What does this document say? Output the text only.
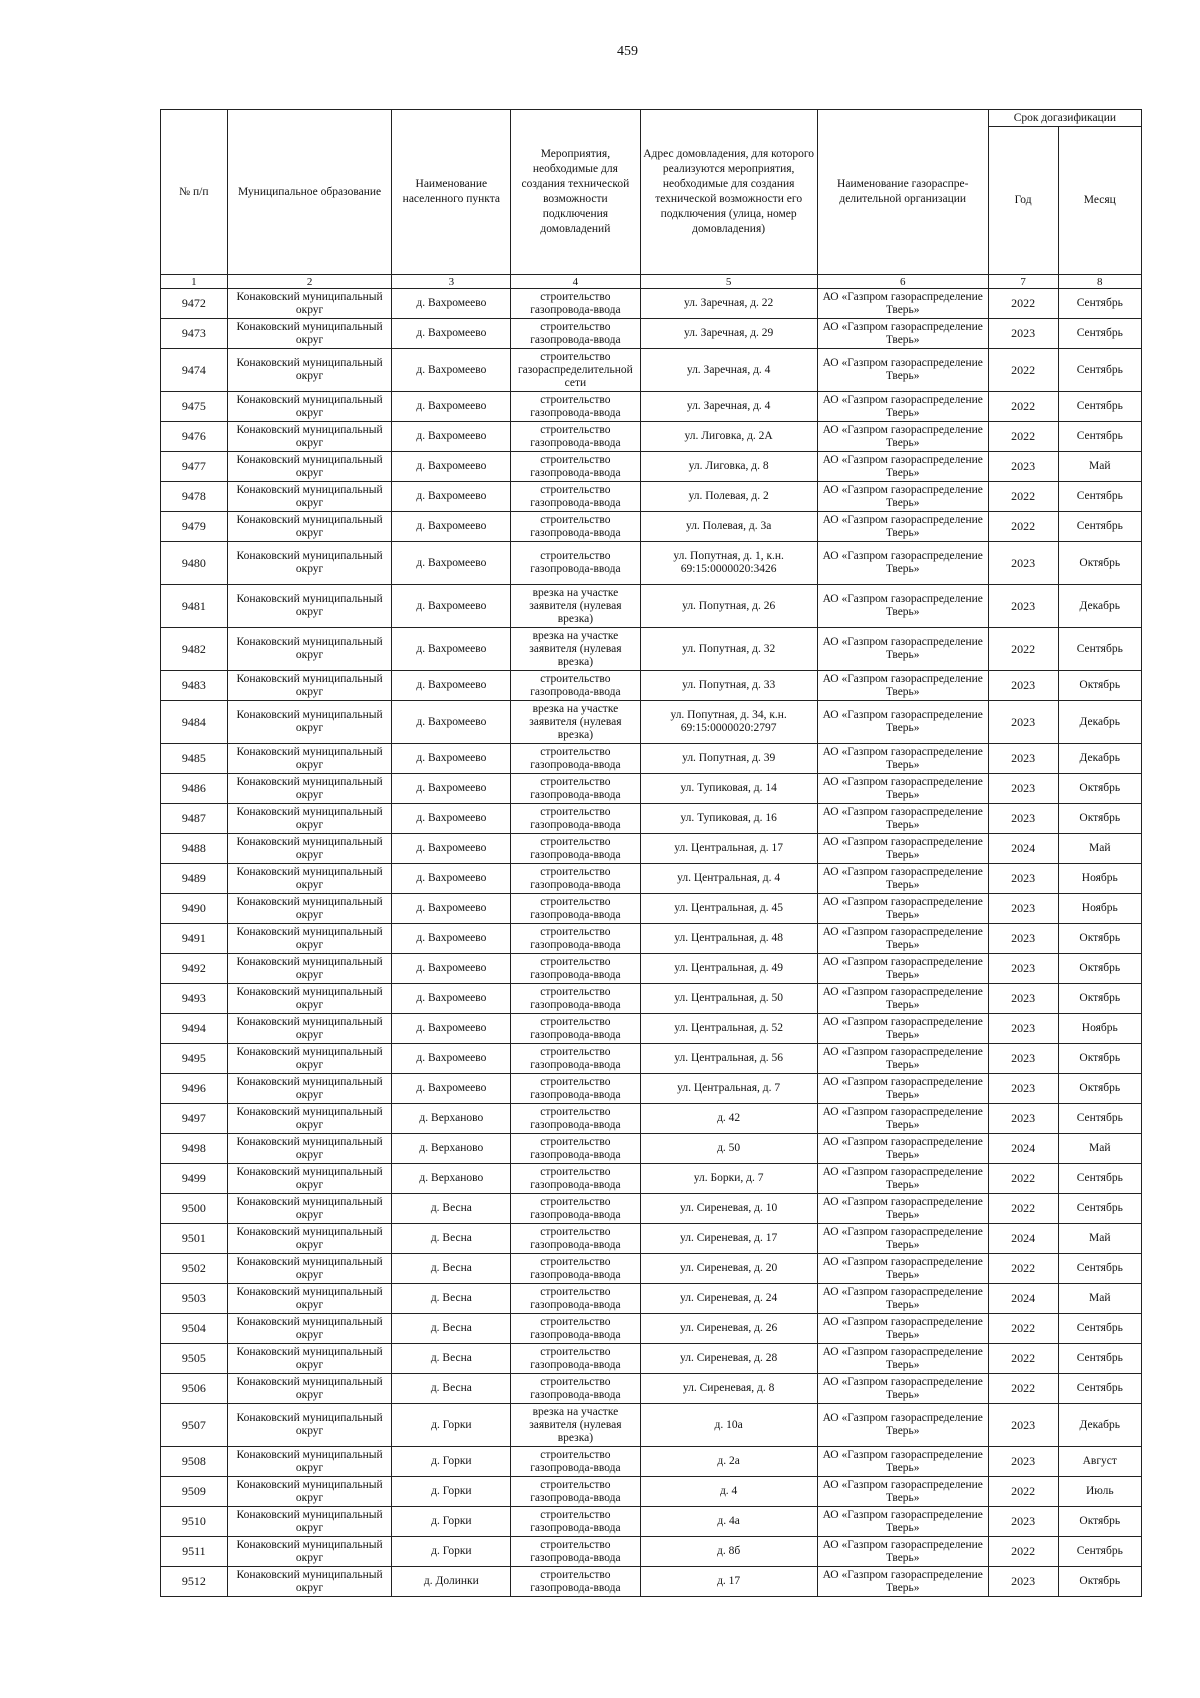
459
№ п/п	Муниципальное образование	Наименование населенного пункта	Мероприятия, необходимые для создания технической возможности подключения домовладений	Адрес домовладения, для которого реализуются мероприятия, необходимые для создания технической возможности его подключения (улица, номер домовладения)	Наименование газораспре-делительной организации	Срок догазификации	
						Год	Месяц
1	2	3	4	5	6	7	8
9472	Конаковский муниципальный округ	д. Вахромеево	строительство газопровода-ввода	ул. Заречная, д. 22	АО «Газпром газораспределение Тверь»	2022	Сентябрь
9473	Конаковский муниципальный округ	д. Вахромеево	строительство газопровода-ввода	ул. Заречная, д. 29	АО «Газпром газораспределение Тверь»	2023	Сентябрь
9474	Конаковский муниципальный округ	д. Вахромеево	строительство газораспределительной сети	ул. Заречная, д. 4	АО «Газпром газораспределение Тверь»	2022	Сентябрь
9475	Конаковский муниципальный округ	д. Вахромеево	строительство газопровода-ввода	ул. Заречная, д. 4	АО «Газпром газораспределение Тверь»	2022	Сентябрь
9476	Конаковский муниципальный округ	д. Вахромеево	строительство газопровода-ввода	ул. Лиговка, д. 2А	АО «Газпром газораспределение Тверь»	2022	Сентябрь
9477	Конаковский муниципальный округ	д. Вахромеево	строительство газопровода-ввода	ул. Лиговка, д. 8	АО «Газпром газораспределение Тверь»	2023	Май
9478	Конаковский муниципальный округ	д. Вахромеево	строительство газопровода-ввода	ул. Полевая, д. 2	АО «Газпром газораспределение Тверь»	2022	Сентябрь
9479	Конаковский муниципальный округ	д. Вахромеево	строительство газопровода-ввода	ул. Полевая, д. 3а	АО «Газпром газораспределение Тверь»	2022	Сентябрь
9480	Конаковский муниципальный округ	д. Вахромеево	строительство газопровода-ввода	ул. Попутная, д. 1, к.н. 69:15:0000020:3426	АО «Газпром газораспределение Тверь»	2023	Октябрь
9481	Конаковский муниципальный округ	д. Вахромеево	врезка на участке заявителя (нулевая врезка)	ул. Попутная, д. 26	АО «Газпром газораспределение Тверь»	2023	Декабрь
9482	Конаковский муниципальный округ	д. Вахромеево	врезка на участке заявителя (нулевая врезка)	ул. Попутная, д. 32	АО «Газпром газораспределение Тверь»	2022	Сентябрь
9483	Конаковский муниципальный округ	д. Вахромеево	строительство газопровода-ввода	ул. Попутная, д. 33	АО «Газпром газораспределение Тверь»	2023	Октябрь
9484	Конаковский муниципальный округ	д. Вахромеево	врезка на участке заявителя (нулевая врезка)	ул. Попутная, д. 34, к.н. 69:15:0000020:2797	АО «Газпром газораспределение Тверь»	2023	Декабрь
9485	Конаковский муниципальный округ	д. Вахромеево	строительство газопровода-ввода	ул. Попутная, д. 39	АО «Газпром газораспределение Тверь»	2023	Декабрь
9486	Конаковский муниципальный округ	д. Вахромеево	строительство газопровода-ввода	ул. Тупиковая, д. 14	АО «Газпром газораспределение Тверь»	2023	Октябрь
9487	Конаковский муниципальный округ	д. Вахромеево	строительство газопровода-ввода	ул. Тупиковая, д. 16	АО «Газпром газораспределение Тверь»	2023	Октябрь
9488	Конаковский муниципальный округ	д. Вахромеево	строительство газопровода-ввода	ул. Центральная, д. 17	АО «Газпром газораспределение Тверь»	2024	Май
9489	Конаковский муниципальный округ	д. Вахромеево	строительство газопровода-ввода	ул. Центральная, д. 4	АО «Газпром газораспределение Тверь»	2023	Ноябрь
9490	Конаковский муниципальный округ	д. Вахромеево	строительство газопровода-ввода	ул. Центральная, д. 45	АО «Газпром газораспределение Тверь»	2023	Ноябрь
9491	Конаковский муниципальный округ	д. Вахромеево	строительство газопровода-ввода	ул. Центральная, д. 48	АО «Газпром газораспределение Тверь»	2023	Октябрь
9492	Конаковский муниципальный округ	д. Вахромеево	строительство газопровода-ввода	ул. Центральная, д. 49	АО «Газпром газораспределение Тверь»	2023	Октябрь
9493	Конаковский муниципальный округ	д. Вахромеево	строительство газопровода-ввода	ул. Центральная, д. 50	АО «Газпром газораспределение Тверь»	2023	Октябрь
9494	Конаковский муниципальный округ	д. Вахромеево	строительство газопровода-ввода	ул. Центральная, д. 52	АО «Газпром газораспределение Тверь»	2023	Ноябрь
9495	Конаковский муниципальный округ	д. Вахромеево	строительство газопровода-ввода	ул. Центральная, д. 56	АО «Газпром газораспределение Тверь»	2023	Октябрь
9496	Конаковский муниципальный округ	д. Вахромеево	строительство газопровода-ввода	ул. Центральная, д. 7	АО «Газпром газораспределение Тверь»	2023	Октябрь
9497	Конаковский муниципальный округ	д. Верханово	строительство газопровода-ввода	д. 42	АО «Газпром газораспределение Тверь»	2023	Сентябрь
9498	Конаковский муниципальный округ	д. Верханово	строительство газопровода-ввода	д. 50	АО «Газпром газораспределение Тверь»	2024	Май
9499	Конаковский муниципальный округ	д. Верханово	строительство газопровода-ввода	ул. Борки, д. 7	АО «Газпром газораспределение Тверь»	2022	Сентябрь
9500	Конаковский муниципальный округ	д. Весна	строительство газопровода-ввода	ул. Сиреневая, д. 10	АО «Газпром газораспределение Тверь»	2022	Сентябрь
9501	Конаковский муниципальный округ	д. Весна	строительство газопровода-ввода	ул. Сиреневая, д. 17	АО «Газпром газораспределение Тверь»	2024	Май
9502	Конаковский муниципальный округ	д. Весна	строительство газопровода-ввода	ул. Сиреневая, д. 20	АО «Газпром газораспределение Тверь»	2022	Сентябрь
9503	Конаковский муниципальный округ	д. Весна	строительство газопровода-ввода	ул. Сиреневая, д. 24	АО «Газпром газораспределение Тверь»	2024	Май
9504	Конаковский муниципальный округ	д. Весна	строительство газопровода-ввода	ул. Сиреневая, д. 26	АО «Газпром газораспределение Тверь»	2022	Сентябрь
9505	Конаковский муниципальный округ	д. Весна	строительство газопровода-ввода	ул. Сиреневая, д. 28	АО «Газпром газораспределение Тверь»	2022	Сентябрь
9506	Конаковский муниципальный округ	д. Весна	строительство газопровода-ввода	ул. Сиреневая, д. 8	АО «Газпром газораспределение Тверь»	2022	Сентябрь
9507	Конаковский муниципальный округ	д. Горки	врезка на участке заявителя (нулевая врезка)	д. 10а	АО «Газпром газораспределение Тверь»	2023	Декабрь
9508	Конаковский муниципальный округ	д. Горки	строительство газопровода-ввода	д. 2а	АО «Газпром газораспределение Тверь»	2023	Август
9509	Конаковский муниципальный округ	д. Горки	строительство газопровода-ввода	д. 4	АО «Газпром газораспределение Тверь»	2022	Июль
9510	Конаковский муниципальный округ	д. Горки	строительство газопровода-ввода	д. 4а	АО «Газпром газораспределение Тверь»	2023	Октябрь
9511	Конаковский муниципальный округ	д. Горки	строительство газопровода-ввода	д. 8б	АО «Газпром газораспределение Тверь»	2022	Сентябрь
9512	Конаковский муниципальный округ	д. Долинки	строительство газопровода-ввода	д. 17	АО «Газпром газораспределение Тверь»	2023	Октябрь
